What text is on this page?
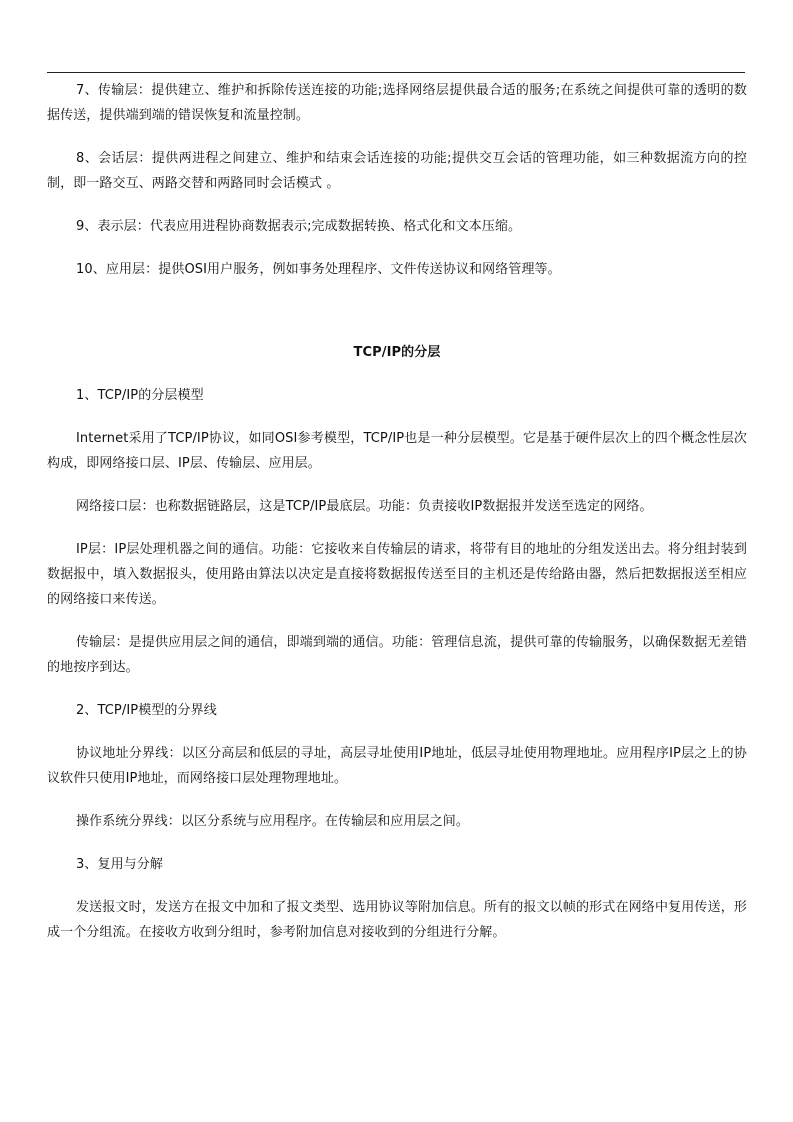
7、传输层：提供建立、维护和拆除传送连接的功能;选择网络层提供最合适的服务;在系统之间提供可靠的透明的数据传送，提供端到端的错误恢复和流量控制。

8、会话层：提供两进程之间建立、维护和结束会话连接的功能;提供交互会话的管理功能，如三种数据流方向的控制，即一路交互、两路交替和两路同时会话模式 。

9、表示层：代表应用进程协商数据表示;完成数据转换、格式化和文本压缩。

10、应用层：提供OSI用户服务，例如事务处理程序、文件传送协议和网络管理等。

TCP/IP的分层

1、TCP/IP的分层模型

Internet采用了TCP/IP协议，如同OSI参考模型，TCP/IP也是一种分层模型。它是基于硬件层次上的四个概念性层次构成，即网络接口层、IP层、传输层、应用层。

网络接口层：也称数据链路层，这是TCP/IP最底层。功能：负责接收IP数据报并发送至选定的网络。

IP层：IP层处理机器之间的通信。功能：它接收来自传输层的请求，将带有目的地址的分组发送出去。将分组封装到数据报中，填入数据报头，使用路由算法以决定是直接将数据报传送至目的主机还是传给路由器，然后把数据报送至相应的网络接口来传送。

传输层：是提供应用层之间的通信，即端到端的通信。功能：管理信息流，提供可靠的传输服务，以确保数据无差错的地按序到达。

2、TCP/IP模型的分界线

协议地址分界线：以区分高层和低层的寻址，高层寻址使用IP地址，低层寻址使用物理地址。应用程序IP层之上的协议软件只使用IP地址，而网络接口层处理物理地址。

操作系统分界线：以区分系统与应用程序。在传输层和应用层之间。

3、复用与分解

发送报文时，发送方在报文中加和了报文类型、选用协议等附加信息。所有的报文以帧的形式在网络中复用传送，形成一个分组流。在接收方收到分组时，参考附加信息对接收到的分组进行分解。
